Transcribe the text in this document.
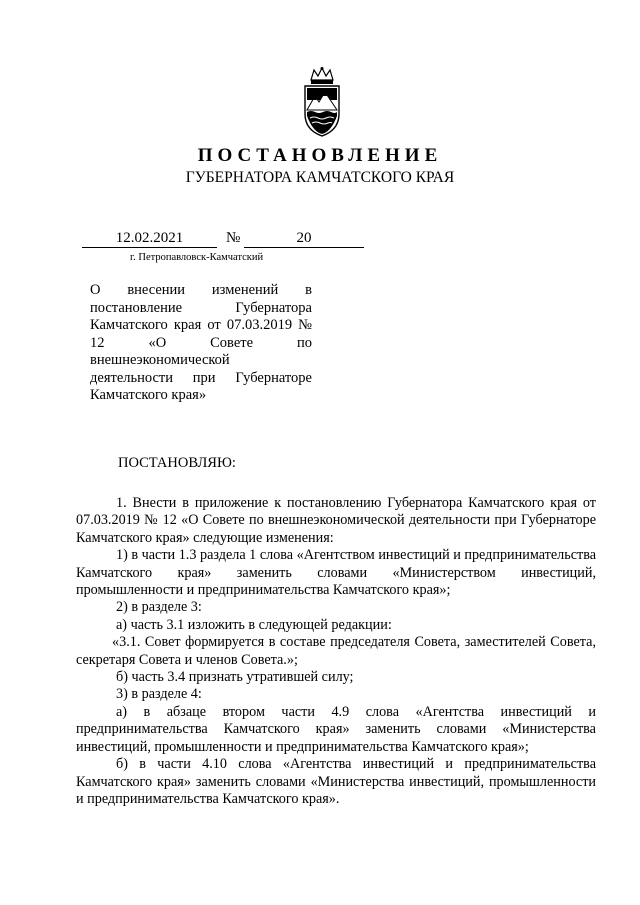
ПОСТАНОВЛЕНИЕ
ГУБЕРНАТОРА КАМЧАТСКОГО КРАЯ
12.02.2021	№	20
г. Петропавловск-Камчатский
О внесении изменений в постановление Губернатора Камчатского края от 07.03.2019 № 12 «О Совете по внешнеэкономической деятельности при Губернаторе Камчатского края»
ПОСТАНОВЛЯЮ:

1. Внести в приложение к постановлению Губернатора Камчатского края от 07.03.2019 № 12 «О Совете по внешнеэкономической деятельности при Губернаторе Камчатского края» следующие изменения:

1) в части 1.3 раздела 1 слова «Агентством инвестиций и предпринимательства Камчатского края» заменить словами «Министерством инвестиций, промышленности и предпринимательства Камчатского края»;

2) в разделе 3:

а) часть 3.1 изложить в следующей редакции:

«3.1. Совет формируется в составе председателя Совета, заместителей Совета, секретаря Совета и членов Совета.»;

б) часть 3.4 признать утратившей силу;

3) в разделе 4:

а) в абзаце втором части 4.9 слова «Агентства инвестиций и предпринимательства Камчатского края» заменить словами «Министерства инвестиций, промышленности и предпринимательства Камчатского края»;

б) в части 4.10 слова «Агентства инвестиций и предпринимательства Камчатского края» заменить словами «Министерства инвестиций, промышленности и предпринимательства Камчатского края».
